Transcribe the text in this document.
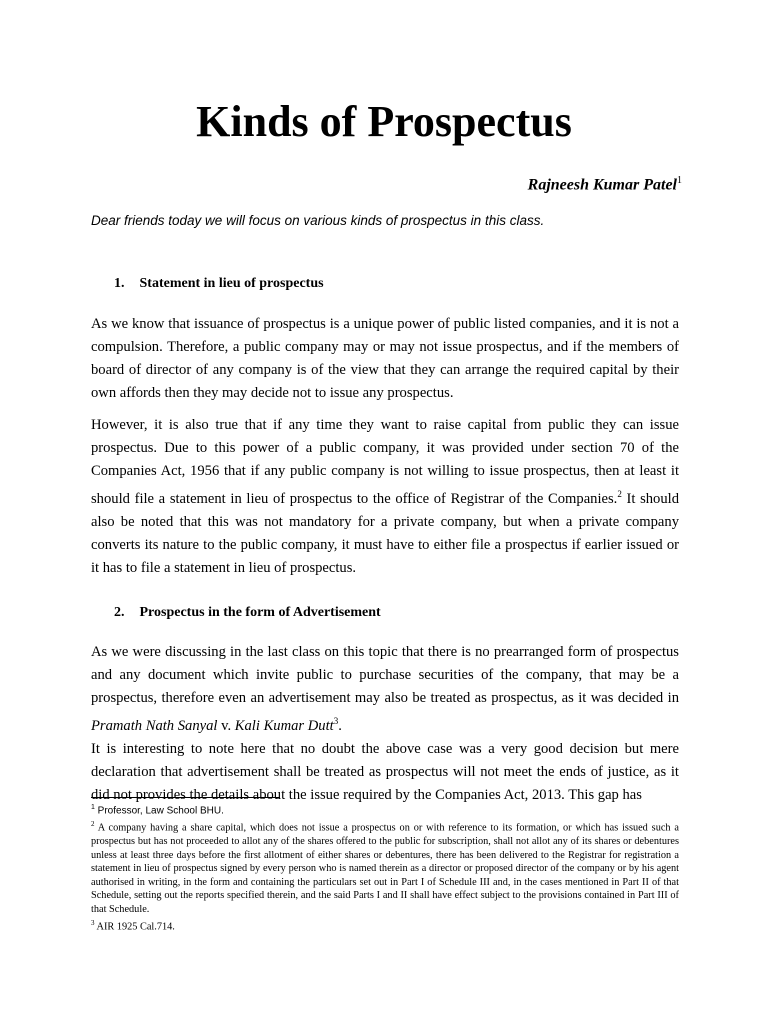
Kinds of Prospectus
Rajneesh Kumar Patel$^1$
Dear friends today we will focus on various kinds of prospectus in this class.
1. Statement in lieu of prospectus

As we know that issuance of prospectus is a unique power of public listed companies, and it is not a compulsion. Therefore, a public company may or may not issue prospectus, and if the members of board of director of any company is of the view that they can arrange the required capital by their own affords then they may decide not to issue any prospectus.

However, it is also true that if any time they want to raise capital from public they can issue prospectus. Due to this power of a public company, it was provided under section 70 of the Companies Act, 1956 that if any public company is not willing to issue prospectus, then at least it should file a statement in lieu of prospectus to the office of Registrar of the Companies.$^2$ It should also be noted that this was not mandatory for a private company, but when a private company converts its nature to the public company, it must have to either file a prospectus if earlier issued or it has to file a statement in lieu of prospectus.

2. Prospectus in the form of Advertisement

As we were discussing in the last class on this topic that there is no prearranged form of prospectus and any document which invite public to purchase securities of the company, that may be a prospectus, therefore even an advertisement may also be treated as prospectus, as it was decided in Pramath Nath Sanyal v. Kali Kumar Dutt$^3$.

It is interesting to note here that no doubt the above case was a very good decision but mere declaration that advertisement shall be treated as prospectus will not meet the ends of justice, as it did not provides the details about the issue required by the Companies Act, 2013. This gap has

$^1$ Professor, Law School BHU.

$^2$ A company having a share capital, which does not issue a prospectus on or with reference to its formation, or which has issued such a prospectus but has not proceeded to allot any of the shares offered to the public for subscription, shall not allot any of its shares or debentures unless at least three days before the first allotment of either shares or debentures, there has been delivered to the Registrar for registration a statement in lieu of prospectus signed by every person who is named therein as a director or proposed director of the company or by his agent authorised in writing, in the form and containing the particulars set out in Part I of Schedule III and, in the cases mentioned in Part II of that Schedule, setting out the reports specified therein, and the said Parts I and II shall have effect subject to the provisions contained in Part III of that Schedule.

$^3$ AIR 1925 Cal.714.
